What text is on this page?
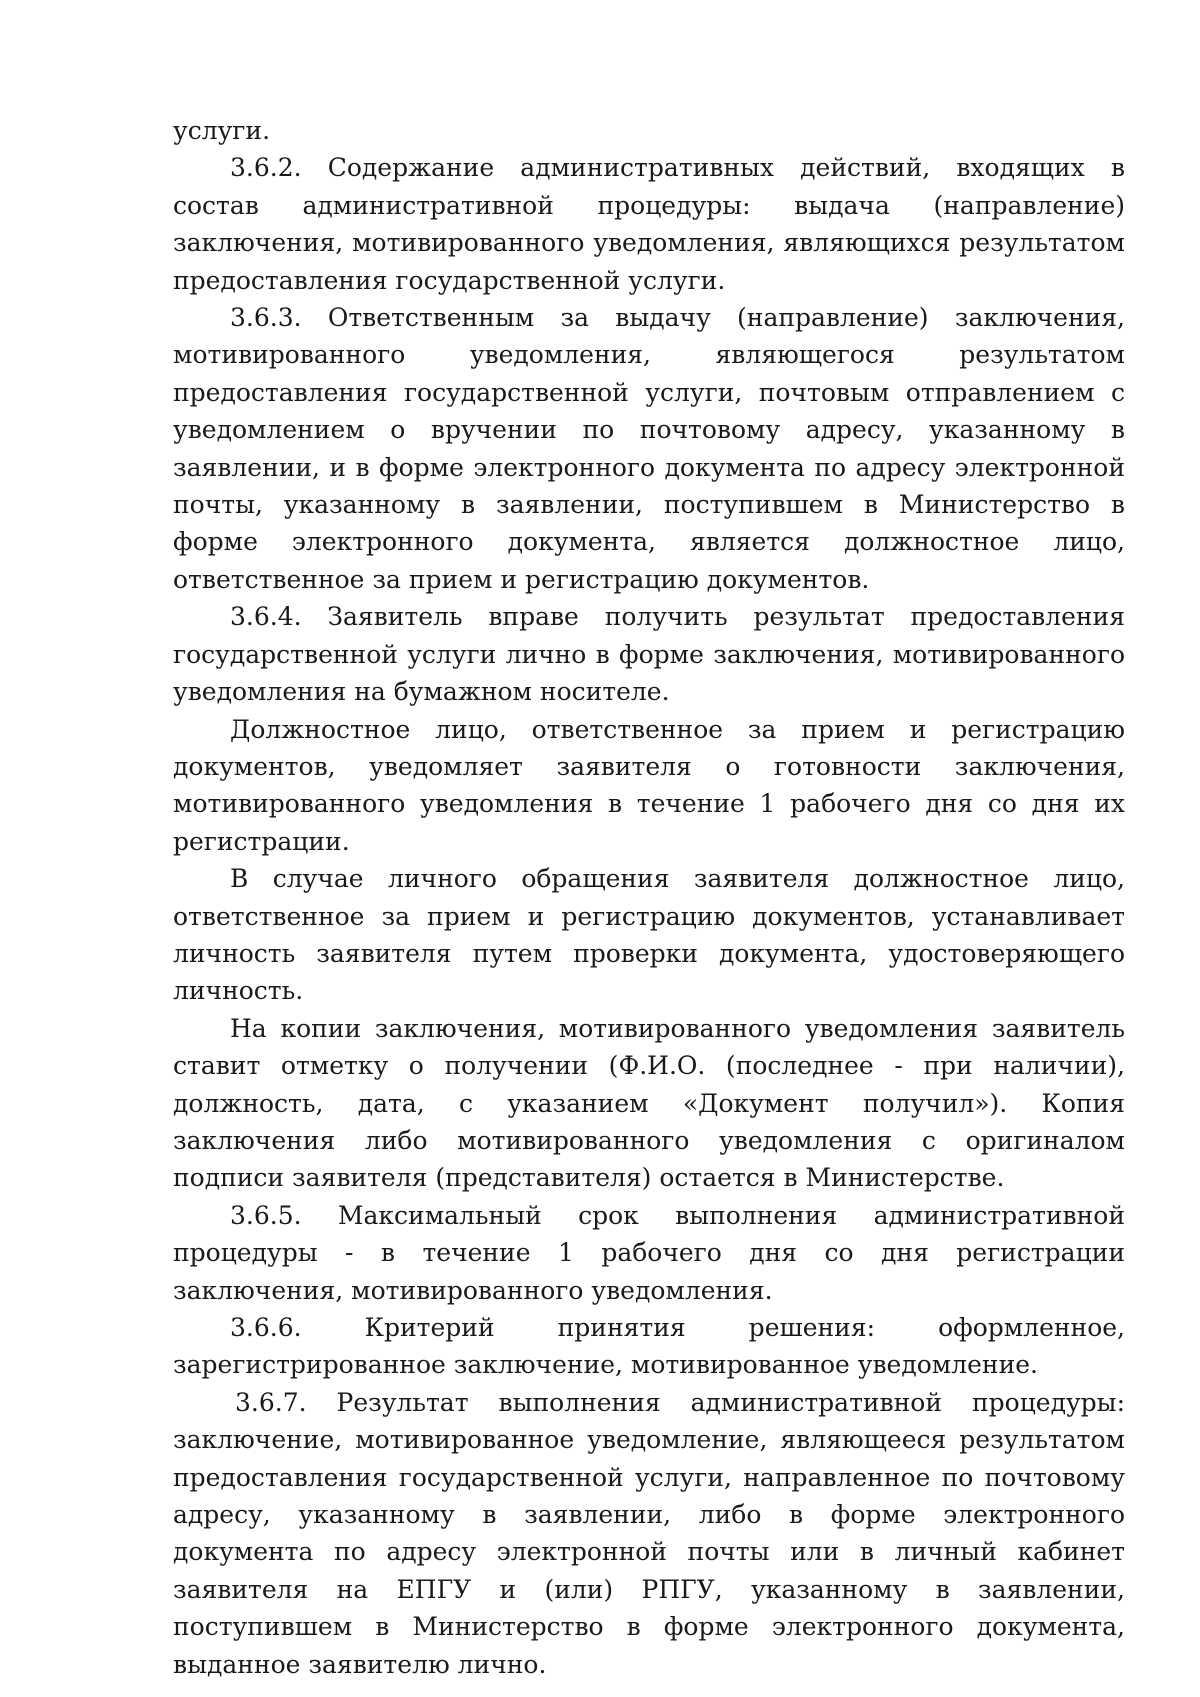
услуги.

3.6.2. Содержание административных действий, входящих в состав административной процедуры: выдача (направление) заключения, мотивированного уведомления, являющихся результатом предоставления государственной услуги.

3.6.3. Ответственным за выдачу (направление) заключения, мотивированного уведомления, являющегося результатом предоставления государственной услуги, почтовым отправлением с уведомлением о вручении по почтовому адресу, указанному в заявлении, и в форме электронного документа по адресу электронной почты, указанному в заявлении, поступившем в Министерство в форме электронного документа, является должностное лицо, ответственное за прием и регистрацию документов.

3.6.4. Заявитель вправе получить результат предоставления государственной услуги лично в форме заключения, мотивированного уведомления на бумажном носителе.

Должностное лицо, ответственное за прием и регистрацию документов, уведомляет заявителя о готовности заключения, мотивированного уведомления в течение 1 рабочего дня со дня их регистрации.

В случае личного обращения заявителя должностное лицо, ответственное за прием и регистрацию документов, устанавливает личность заявителя путем проверки документа, удостоверяющего личность.

На копии заключения, мотивированного уведомления заявитель ставит отметку о получении (Ф.И.О. (последнее - при наличии), должность, дата, с указанием «Документ получил»). Копия заключения либо мотивированного уведомления с оригиналом подписи заявителя (представителя) остается в Министерстве.

3.6.5. Максимальный срок выполнения административной процедуры - в течение 1 рабочего дня со дня регистрации заключения, мотивированного уведомления.

3.6.6. Критерий принятия решения: оформленное, зарегистрированное заключение, мотивированное уведомление.

3.6.7. Результат выполнения административной процедуры: заключение, мотивированное уведомление, являющееся результатом предоставления государственной услуги, направленное по почтовому адресу, указанному в заявлении, либо в форме электронного документа по адресу электронной почты или в личный кабинет заявителя на ЕПГУ и (или) РПГУ, указанному в заявлении, поступившем в Министерство в форме электронного документа, выданное заявителю лично.
